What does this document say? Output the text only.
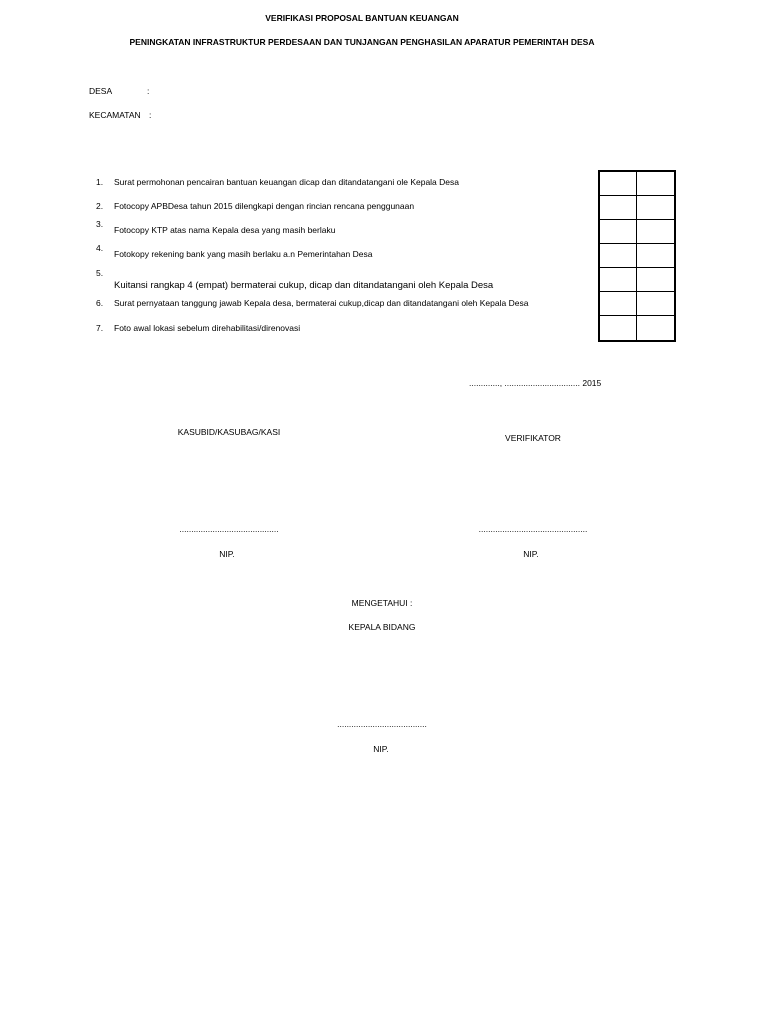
VERIFIKASI PROPOSAL BANTUAN KEUANGAN
PENINGKATAN INFRASTRUKTUR PERDESAAN DAN TUNJANGAN PENGHASILAN APARATUR PEMERINTAH DESA
DESA	:
KECAMATAN :
1. Surat permohonan pencairan bantuan keuangan dicap dan ditandatangani ole Kepala Desa
2. Fotocopy APBDesa tahun 2015 dilengkapi dengan rincian rencana penggunaan
3.
Fotocopy KTP atas nama Kepala desa yang masih berlaku
4.
Fotokopy rekening bank yang masih berlaku a.n Pemerintahan Desa
5.
Kuitansi rangkap 4 (empat) bermaterai cukup, dicap dan ditandatangani oleh Kepala Desa
6. Surat pernyataan tanggung jawab Kepala desa, bermaterai cukup,dicap dan ditandatangani oleh Kepala Desa
7. Foto awal lokasi sebelum direhabilitasi/direnovasi
............., ................................ 2015
KASUBID/KASUBAG/KASI
VERIFIKATOR
..........................................	..............................................
NIP.	NIP.
MENGETAHUI :
KEPALA BIDANG
......................................
NIP.
